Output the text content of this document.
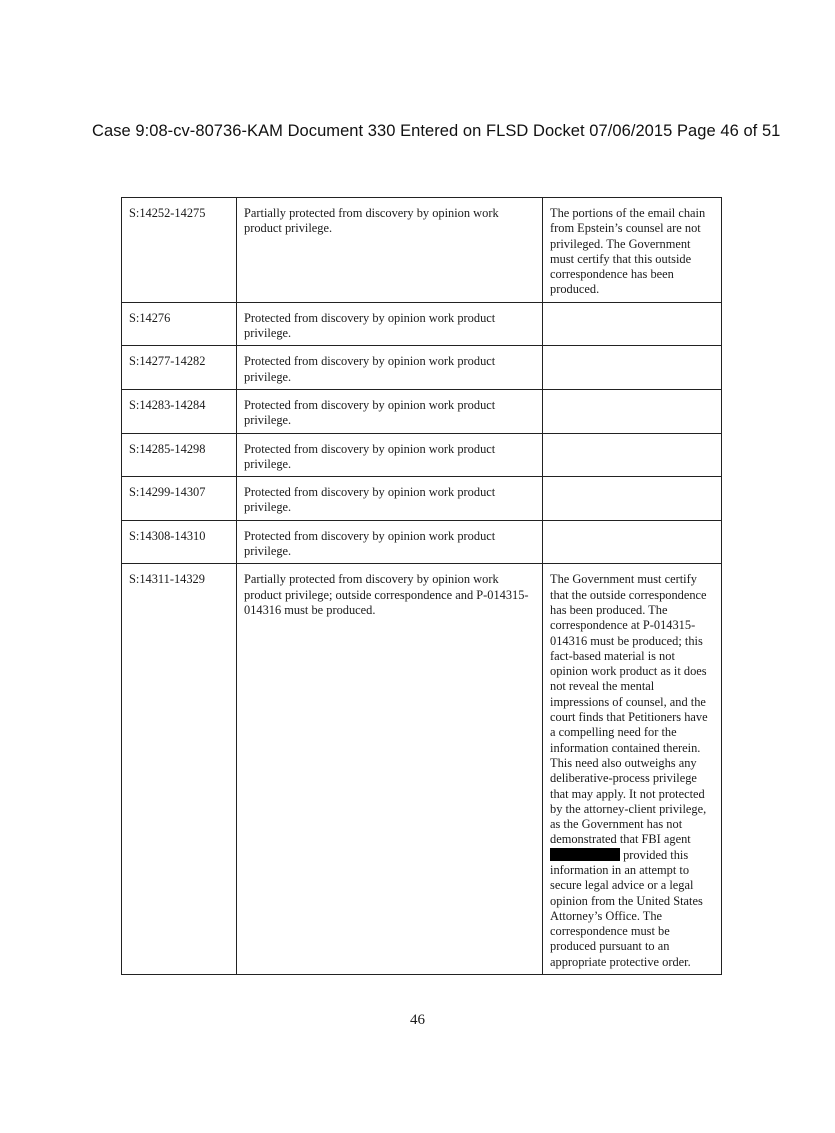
Case 9:08-cv-80736-KAM Document 330 Entered on FLSD Docket 07/06/2015 Page 46 of 51
S:14252-14275	Partially protected from discovery by opinion work product privilege.	The portions of the email chain from Epstein’s counsel are not privileged. The Government must certify that this outside correspondence has been produced.
S:14276	Protected from discovery by opinion work product privilege.	
S:14277-14282	Protected from discovery by opinion work product privilege.	
S:14283-14284	Protected from discovery by opinion work product privilege.	
S:14285-14298	Protected from discovery by opinion work product privilege.	
S:14299-14307	Protected from discovery by opinion work product privilege.	
S:14308-14310	Protected from discovery by opinion work product privilege.	
S:14311-14329	Partially protected from discovery by opinion work product privilege; outside correspondence and P-014315-014316 must be produced.	The Government must certify that the outside correspondence has been produced. The correspondence at P-014315-014316 must be produced; this fact-based material is not opinion work product as it does not reveal the mental impressions of counsel, and the court finds that Petitioners have a compelling need for the information contained therein. This need also outweighs any deliberative-process privilege that may apply. It not protected by the attorney-client privilege, as the Government has not demonstrated that FBI agent  provided this information in an attempt to secure legal advice or a legal opinion from the United States Attorney’s Office. The correspondence must be produced pursuant to an appropriate protective order.
46
